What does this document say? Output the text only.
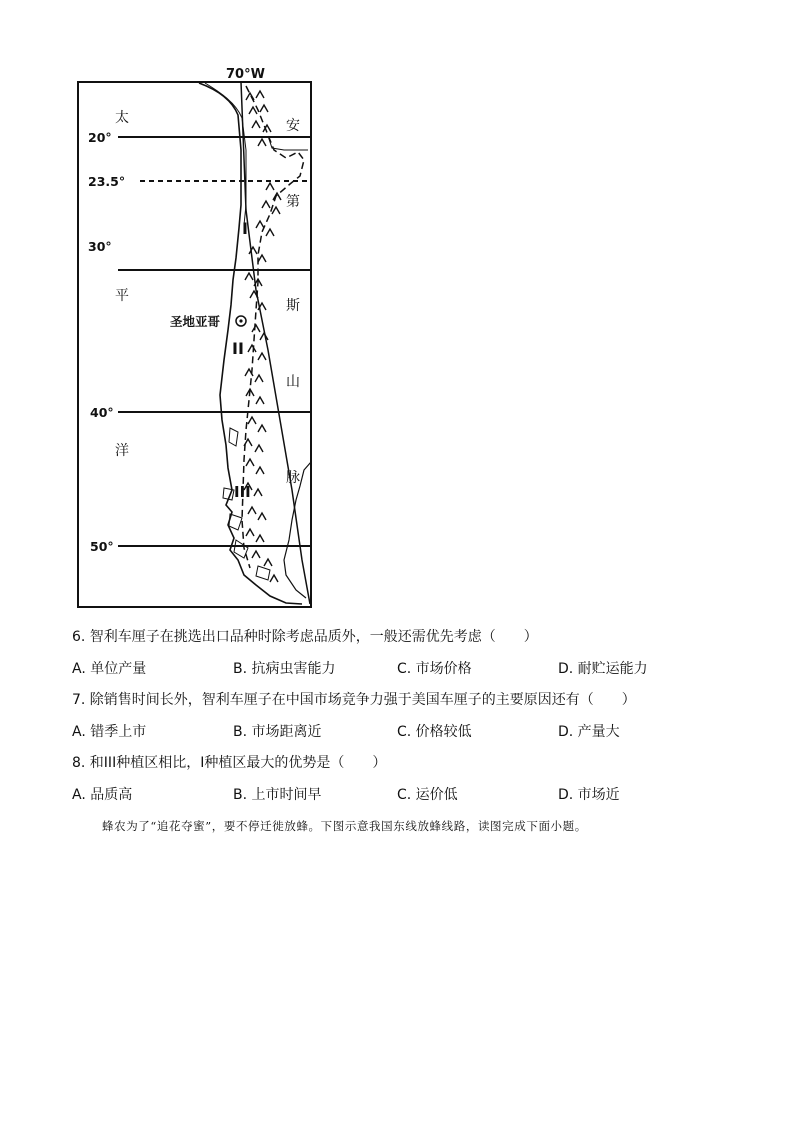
70°W
20°
23.5°
30°
40°
50°
太
平
洋
安
第
斯
山
脉
圣地亚哥
I
II
III
6. 智利车厘子在挑选出口品种时除考虑品质外，一般还需优先考虑（　　）
A. 单位产量	B. 抗病虫害能力	C. 市场价格	D. 耐贮运能力
7. 除销售时间长外，智利车厘子在中国市场竞争力强于美国车厘子的主要原因还有（　　）
A. 错季上市	B. 市场距离近	C. 价格较低	D. 产量大
8. 和III种植区相比，I种植区最大的优势是（　　）
A. 品质高	B. 上市时间早	C. 运价低	D. 市场近
蜂农为了“追花夺蜜”，要不停迁徙放蜂。下图示意我国东线放蜂线路，读图完成下面小题。
